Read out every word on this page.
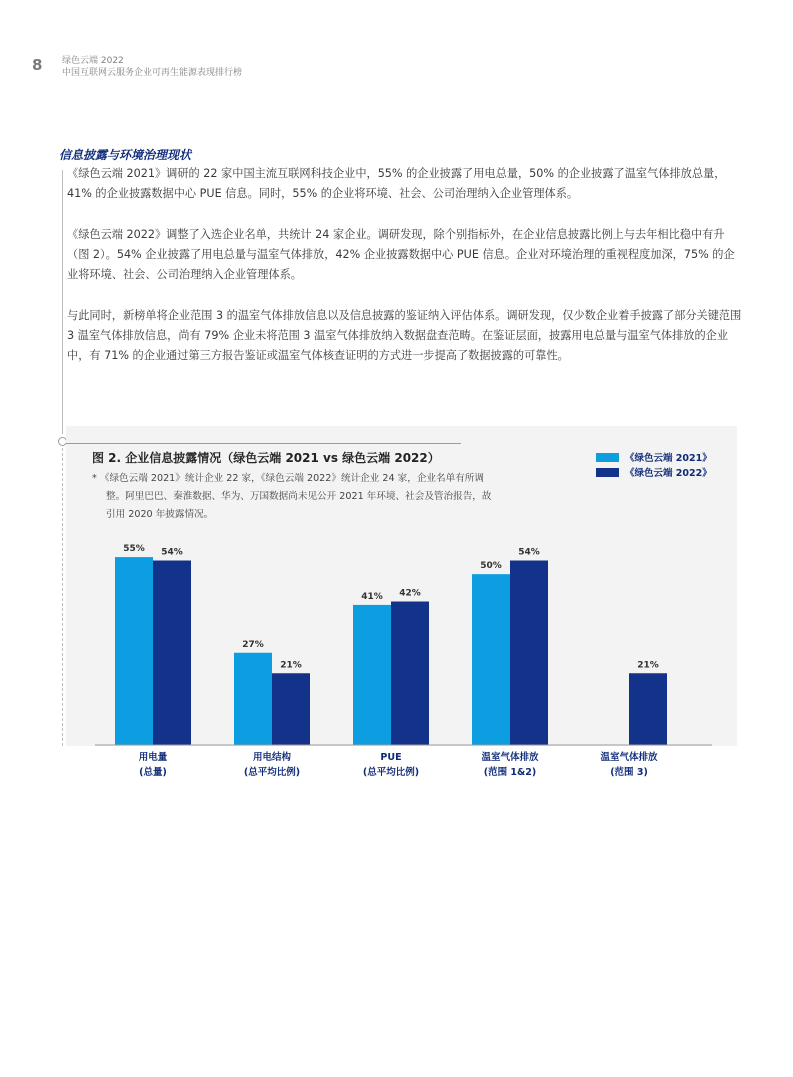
8 绿色云端 2022
中国互联网云服务企业可再生能源表现排行榜
信息披露与环境治理现状

《绿色云端 2021》调研的 22 家中国主流互联网科技企业中，55% 的企业披露了用电总量，50% 的企业披露了温室气体排放总量，41% 的企业披露数据中心 PUE 信息。同时，55% 的企业将环境、社会、公司治理纳入企业管理体系。

《绿色云端 2022》调整了入选企业名单，共统计 24 家企业。调研发现，除个别指标外，在企业信息披露比例上与去年相比稳中有升（图 2）。54% 企业披露了用电总量与温室气体排放，42% 企业披露数据中心 PUE 信息。企业对环境治理的重视程度加深，75% 的企业将环境、社会、公司治理纳入企业管理体系。

与此同时，新榜单将企业范围 3 的温室气体排放信息以及信息披露的鉴证纳入评估体系。调研发现，仅少数企业着手披露了部分关键范围 3 温室气体排放信息，尚有 79% 企业未将范围 3 温室气体排放纳入数据盘查范畴。在鉴证层面，披露用电总量与温室气体排放的企业中，有 71% 的企业通过第三方报告鉴证或温室气体核查证明的方式进一步提高了数据披露的可靠性。

图 2. 企业信息披露情况（绿色云端 2021 vs 绿色云端 2022）
* 《绿色云端 2021》统计企业 22 家，《绿色云端 2022》统计企业 24 家，企业名单有所调整。阿里巴巴、秦淮数据、华为、万国数据尚未见公开 2021 年环境、社会及管治报告，故引用 2020 年披露情况。
《绿色云端 2021》
《绿色云端 2022》
55% 54%
用电量
(总量)
27%
21%
用电结构
(总平均比例)
41% 42%
PUE
(总平均比例)
50%
54%
温室气体排放
(范围 1&2)
21%
温室气体排放
(范围 3)
